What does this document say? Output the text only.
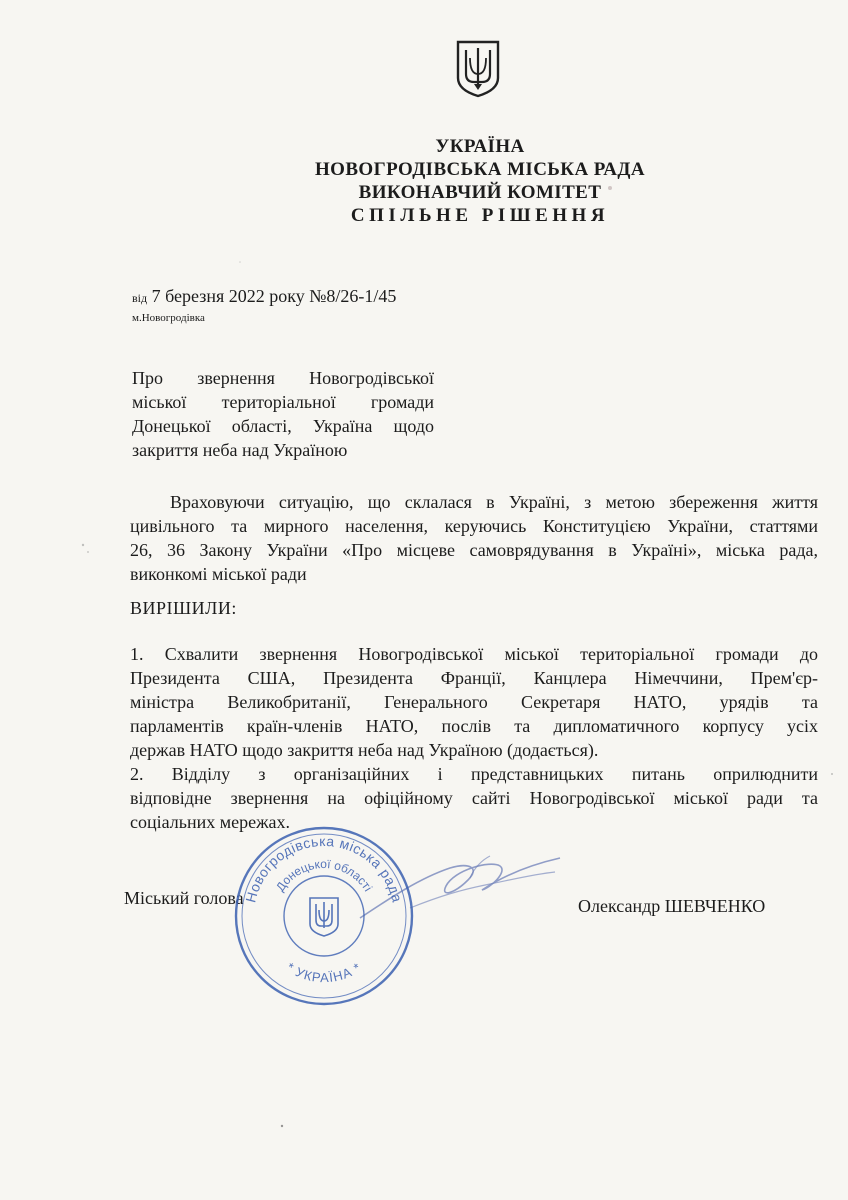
УКРАЇНА
НОВОГРОДІВСЬКА МІСЬКА РАДА
ВИКОНАВЧИЙ КОМІТЕТ
СПІЛЬНЕ РІШЕННЯ
від 7 березня 2022 року №8/26-1/45
м.Новогродівка
Про звернення Новогродівської
міської територіальної громади
Донецької області, Україна щодо
закриття неба над Україною
Враховуючи ситуацію, що склалася в Україні, з метою збереження життя
цивільного та мирного населення, керуючись Конституцією України, статтями
26, 36 Закону України «Про місцеве самоврядування в Україні», міська рада,
виконкомі міської ради
ВИРІШИЛИ:
1. Схвалити звернення Новогродівської міської територіальної громади до
Президента США, Президента Франції, Канцлера Німеччини, Прем'єр-
міністра Великобританії, Генерального Секретаря НАТО, урядів та
парламентів країн-членів НАТО, послів та дипломатичного корпусу усіх
держав НАТО щодо закриття неба над Україною (додається).
2. Відділу з організаційних і представницьких питань оприлюднити
відповідне звернення на офіційному сайті Новогродівської міської ради та
соціальних мережах.
Міський голова	Олександр ШЕВЧЕНКО
Новогродівська міська рада
Донецької області
* УКРАЇНА *
